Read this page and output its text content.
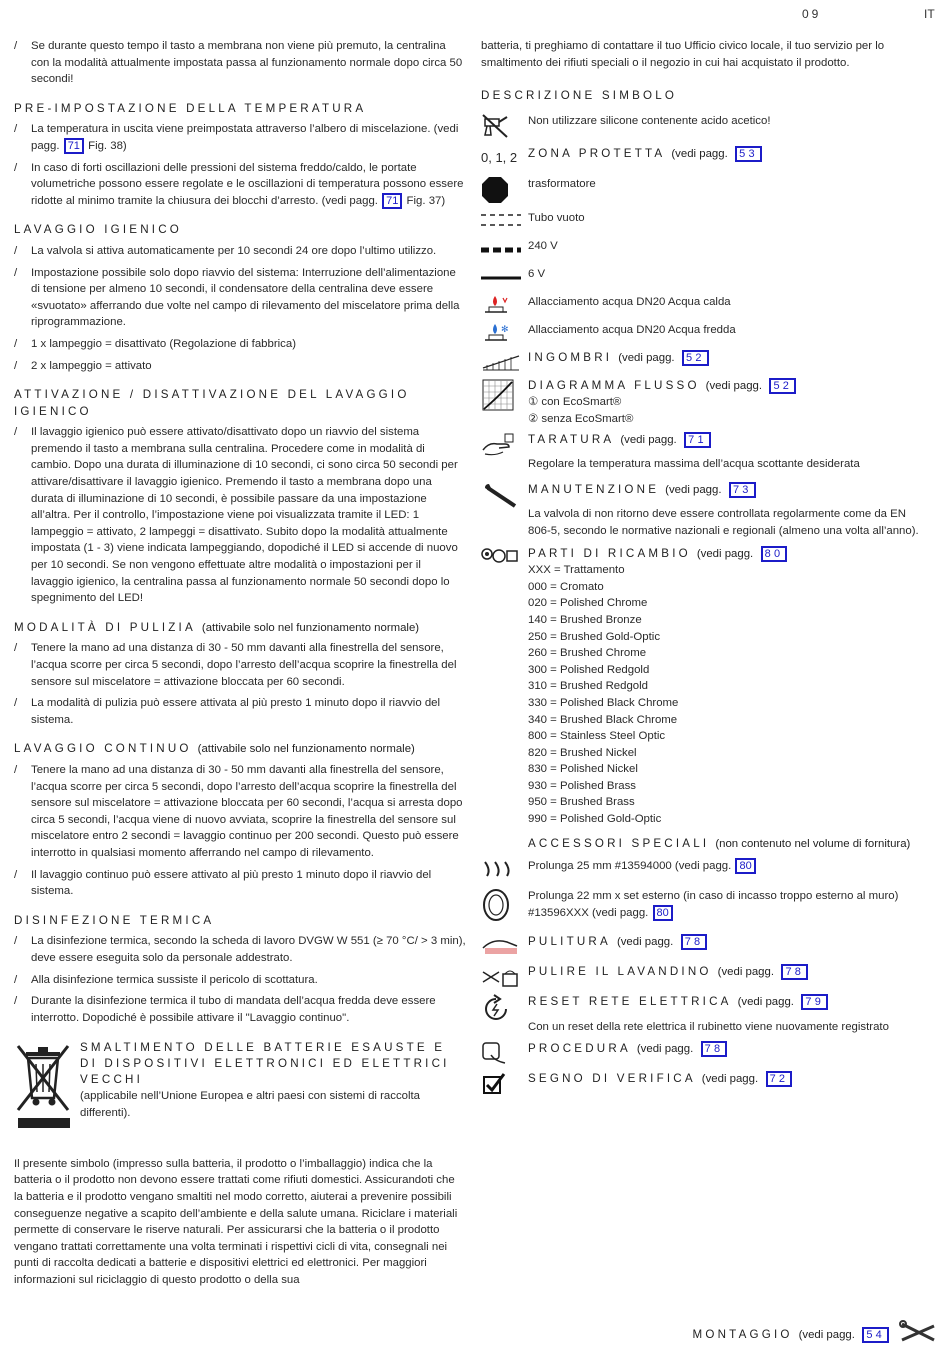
09	IT
/ Se durante questo tempo il tasto a membrana non viene più premuto, la centralina con la modalità attualmente impostata passa al funzionamento normale dopo circa 50 secondi!
PRE-IMPOSTAZIONE DELLA TEMPERATURA
/ La temperatura in uscita viene preimpostata attraverso l’albero di miscelazione. (vedi pagg. 71 Fig. 38)
/ In caso di forti oscillazioni delle pressioni del sistema freddo/caldo, le portate volumetriche possono essere regolate e le oscillazioni di temperatura possono essere ridotte al minimo tramite la chiusura dei blocchi d’arresto. (vedi pagg. 71 Fig. 37)
LAVAGGIO IGIENICO
/ La valvola si attiva automaticamente per 10 secondi 24 ore dopo l’ultimo utilizzo.
/ Impostazione possibile solo dopo riavvio del sistema: Interruzione dell’alimentazione di tensione per almeno 10 secondi, il condensatore della centralina deve essere «svuotato» afferrando due volte nel campo di rilevamento del miscelatore prima della riprogrammazione.
/ 1 x lampeggio = disattivato (Regolazione di fabbrica)
/ 2 x lampeggio = attivato
ATTIVAZIONE / DISATTIVAZIONE DEL LAVAGGIO IGIENICO
/ Il lavaggio igienico può essere attivato/disattivato dopo un riavvio del sistema premendo il tasto a membrana sulla centralina. Procedere come in modalità di cambio. Dopo una durata di illuminazione di 10 secondi, ci sono circa 50 secondi per attivare/disattivare il lavaggio igienico. Premendo il tasto a membrana dopo una durata di illuminazione di 10 secondi, è possibile passare da una impostazione all’altra. Per il controllo, l’impostazione viene poi visualizzata tramite il LED: 1 lampeggio = attivato, 2 lampeggi = disattivato. Subito dopo la modalità attualmente impostata (1 - 3) viene indicata lampeggiando, dopodiché il LED si accende di nuovo per 10 secondi. Se non vengono effettuate altre modalità o impostazioni per il lavaggio igienico, la centralina passa al funzionamento normale 50 secondi dopo lo spegnimento del LED!
MODALITÀ DI PULIZIA (attivabile solo nel funzionamento normale)
/ Tenere la mano ad una distanza di 30 - 50 mm davanti alla finestrella del sensore, l’acqua scorre per circa 5 secondi, dopo l’arresto dell’acqua scoprire la finestrella del sensore sul miscelatore = attivazione bloccata per 60 secondi.
/ La modalità di pulizia può essere attivata al più presto 1 minuto dopo il riavvio del sistema.
LAVAGGIO CONTINUO (attivabile solo nel funzionamento normale)
/ Tenere la mano ad una distanza di 30 - 50 mm davanti alla finestrella del sensore, l’acqua scorre per circa 5 secondi, dopo l’arresto dell’acqua scoprire la finestrella del sensore sul miscelatore = attivazione bloccata per 60 secondi, l’acqua si arresta dopo circa 5 secondi, l’acqua viene di nuovo avviata, scoprire la finestrella del sensore sul miscelatore entro 2 secondi = lavaggio continuo per 200 secondi. Questo può essere interrotto in qualsiasi momento afferrando nel campo di rilevamento.
/ Il lavaggio continuo può essere attivato al più presto 1 minuto dopo il riavvio del sistema.
DISINFEZIONE TERMICA
/ La disinfezione termica, secondo la scheda di lavoro DVGW W 551 (≥ 70 °C/ > 3 min), deve essere eseguita solo da personale addestrato.
/ Alla disinfezione termica sussiste il pericolo di scottatura.
/ Durante la disinfezione termica il tubo di mandata dell’acqua fredda deve essere interrotto. Dopodiché è possibile attivare il "Lavaggio continuo".
SMALTIMENTO DELLE BATTERIE ESAUSTE E DI DISPOSITIVI ELETTRONICI ED ELETTRICI VECCHI
(applicabile nell’Unione Europea e altri paesi con sistemi di raccolta differenti).

Il presente simbolo (impresso sulla batteria, il prodotto o l’imballaggio) indica che la batteria o il prodotto non devono essere trattati come rifiuti domestici. Assicurandoti che la batteria e il prodotto vengano smaltiti nel modo corretto, aiuterai a prevenire possibili conseguenze negative a scapito dell’ambiente e della salute umana. Riciclare i materiali permette di conservare le riserve naturali. Per assicurarsi che la batteria o il prodotto vengano trattati correttamente una volta terminati i rispettivi cicli di vita, consegnali nei punti di raccolta dedicati a batterie e dispositivi elettrici ed elettronici. Per maggiori informazioni sul riciclaggio di questo prodotto o della sua

batteria, ti preghiamo di contattare il tuo Ufficio civico locale, il tuo servizio per lo smaltimento dei rifiuti speciali o il negozio in cui hai acquistato il prodotto.

DESCRIZIONE SIMBOLO
Non utilizzare silicone contenente acido acetico!
0, 1, 2 ZONA PROTETTA (vedi pagg. 53
trasformatore
Tubo vuoto
240 V
6 V
Allacciamento acqua DN20 Acqua calda
✻ Allacciamento acqua DN20 Acqua fredda
INGOMBRI (vedi pagg. 52
DIAGRAMMA FLUSSO (vedi pagg. 52
① con EcoSmart®
② senza EcoSmart®
TARATURA (vedi pagg. 71
Regolare la temperatura massima dell’acqua scottante desiderata
MANUTENZIONE (vedi pagg. 73
La valvola di non ritorno deve essere controllata regolarmente come da EN 806-5, secondo le normative nazionali e regionali (almeno una volta all’anno).
PARTI DI RICAMBIO (vedi pagg. 80
XXX = Trattamento
000 = Cromato
020 = Polished Chrome
140 = Brushed Bronze
250 = Brushed Gold-Optic
260 = Brushed Chrome
300 = Polished Redgold
310 = Brushed Redgold
330 = Polished Black Chrome
340 = Brushed Black Chrome
800 = Stainless Steel Optic
820 = Brushed Nickel
830 = Polished Nickel
930 = Polished Brass
950 = Brushed Brass
990 = Polished Gold-Optic
ACCESSORI SPECIALI (non contenuto nel volume di fornitura)
Prolunga 25 mm #13594000 (vedi pagg. 80
Prolunga 22 mm x set esterno (in caso di incasso troppo esterno al muro) #13596XXX (vedi pagg. 80
PULITURA (vedi pagg. 78
PULIRE IL LAVANDINO (vedi pagg. 78
RESET RETE ELETTRICA (vedi pagg. 79
Con un reset della rete elettrica il rubinetto viene nuovamente registrato
PROCEDURA (vedi pagg. 78
SEGNO DI VERIFICA (vedi pagg. 72
MONTAGGIO (vedi pagg. 54
